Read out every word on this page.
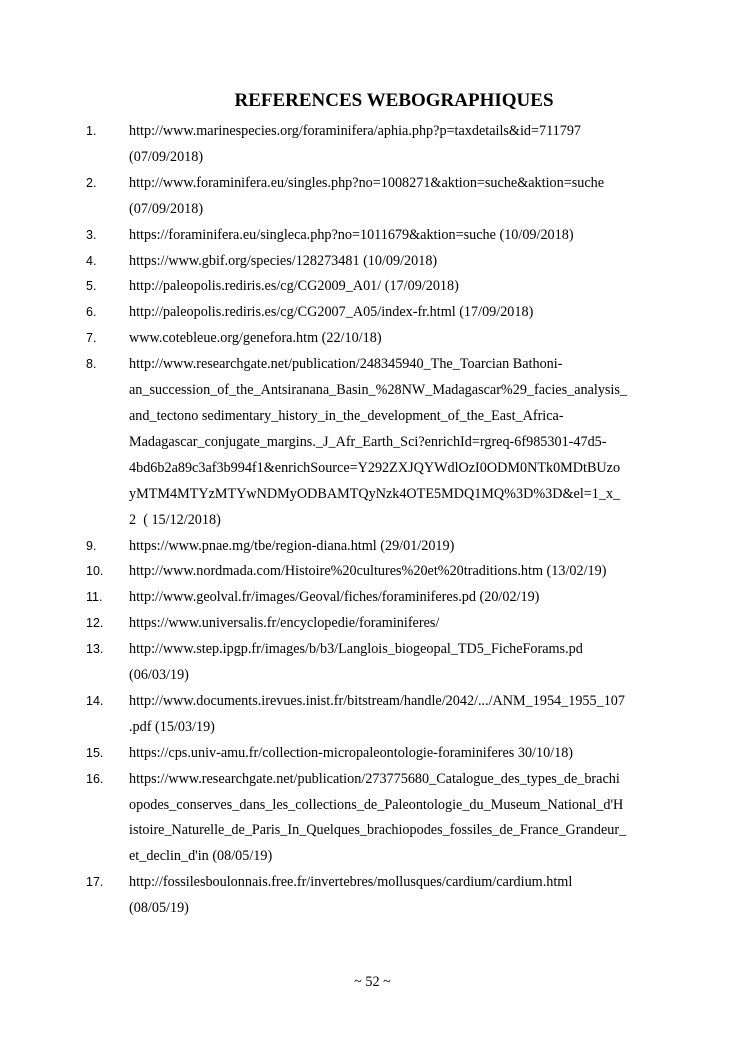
REFERENCES WEBOGRAPHIQUES
1.	http://www.marinespecies.org/foraminifera/aphia.php?p=taxdetails&id=711797
(07/09/2018)
2.	http://www.foraminifera.eu/singles.php?no=1008271&aktion=suche&aktion=suche
(07/09/2018)
3.	https://foraminifera.eu/singleca.php?no=1011679&aktion=suche (10/09/2018)
4.	https://www.gbif.org/species/128273481 (10/09/2018)
5.	http://paleopolis.rediris.es/cg/CG2009_A01/ (17/09/2018)
6.	http://paleopolis.rediris.es/cg/CG2007_A05/index-fr.html (17/09/2018)
7.	www.cotebleue.org/genefora.htm (22/10/18)
8.	http://www.researchgate.net/publication/248345940_The_Toarcian Bathoni-
an_succession_of_the_Antsiranana_Basin_%28NW_Madagascar%29_facies_analysis_
and_tectono sedimentary_history_in_the_development_of_the_East_Africa-
Madagascar_conjugate_margins._J_Afr_Earth_Sci?enrichId=rgreq-6f985301-47d5-
4bd6b2a89c3af3b994f1&enrichSource=Y292ZXJQYWdlOzI0ODM0NTk0MDtBUzo
yMTM4MTYzMTYwNDMyODBAMTQyNzk4OTE5MDQ1MQ%3D%3D&el=1_x_
2  ( 15/12/2018)
9.	https://www.pnae.mg/tbe/region-diana.html (29/01/2019)
10.	http://www.nordmada.com/Histoire%20cultures%20et%20traditions.htm (13/02/19)
11.	http://www.geolval.fr/images/Geoval/fiches/foraminiferes.pd (20/02/19)
12.	https://www.universalis.fr/encyclopedie/foraminiferes/
13.	http://www.step.ipgp.fr/images/b/b3/Langlois_biogeopal_TD5_FicheForams.pd
(06/03/19)
14.	http://www.documents.irevues.inist.fr/bitstream/handle/2042/.../ANM_1954_1955_107
.pdf (15/03/19)
15.	https://cps.univ-amu.fr/collection-micropaleontologie-foraminiferes 30/10/18)
16.	https://www.researchgate.net/publication/273775680_Catalogue_des_types_de_brachi
opodes_conserves_dans_les_collections_de_Paleontologie_du_Museum_National_d'H
istoire_Naturelle_de_Paris_In_Quelques_brachiopodes_fossiles_de_France_Grandeur_
et_declin_d'in (08/05/19)
17.	http://fossilesboulonnais.free.fr/invertebres/mollusques/cardium/cardium.html
(08/05/19)
~ 52 ~
